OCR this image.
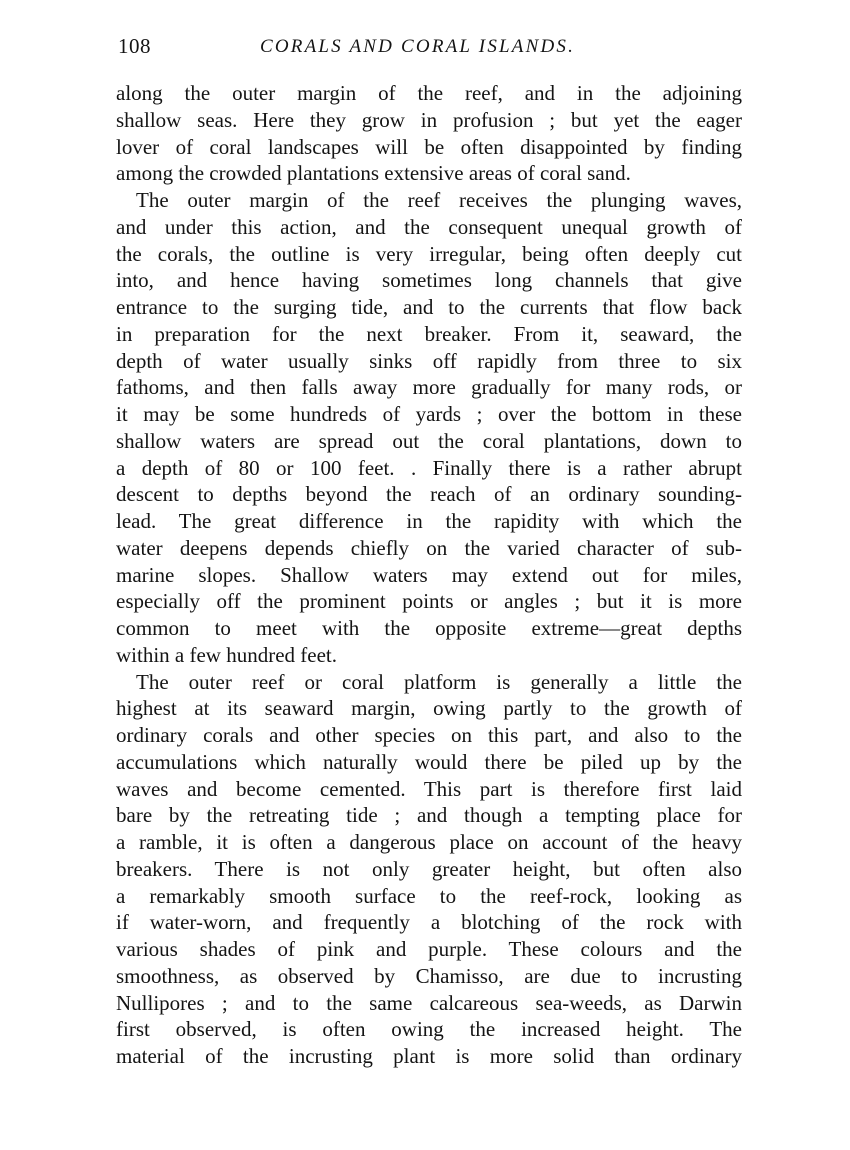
108	CORALS AND CORAL ISLANDS.
along the outer margin of the reef, and in the adjoining
shallow seas. Here they grow in profusion ; but yet the eager
lover of coral landscapes will be often disappointed by finding
among the crowded plantations extensive areas of coral sand.
The outer margin of the reef receives the plunging waves,
and under this action, and the consequent unequal growth of
the corals, the outline is very irregular, being often deeply cut
into, and hence having sometimes long channels that give
entrance to the surging tide, and to the currents that flow back
in preparation for the next breaker. From it, seaward, the
depth of water usually sinks off rapidly from three to six
fathoms, and then falls away more gradually for many rods, or
it may be some hundreds of yards ; over the bottom in these
shallow waters are spread out the coral plantations, down to
a depth of 80 or 100 feet. . Finally there is a rather abrupt
descent to depths beyond the reach of an ordinary sounding-
lead. The great difference in the rapidity with which the
water deepens depends chiefly on the varied character of sub-
marine slopes. Shallow waters may extend out for miles,
especially off the prominent points or angles ; but it is more
common to meet with the opposite extreme—great depths
within a few hundred feet.
The outer reef or coral platform is generally a little the
highest at its seaward margin, owing partly to the growth of
ordinary corals and other species on this part, and also to the
accumulations which naturally would there be piled up by the
waves and become cemented. This part is therefore first laid
bare by the retreating tide ; and though a tempting place for
a ramble, it is often a dangerous place on account of the heavy
breakers. There is not only greater height, but often also
a remarkably smooth surface to the reef-rock, looking as
if water-worn, and frequently a blotching of the rock with
various shades of pink and purple. These colours and the
smoothness, as observed by Chamisso, are due to incrusting
Nullipores ; and to the same calcareous sea-weeds, as Darwin
first observed, is often owing the increased height. The
material of the incrusting plant is more solid than ordinary
